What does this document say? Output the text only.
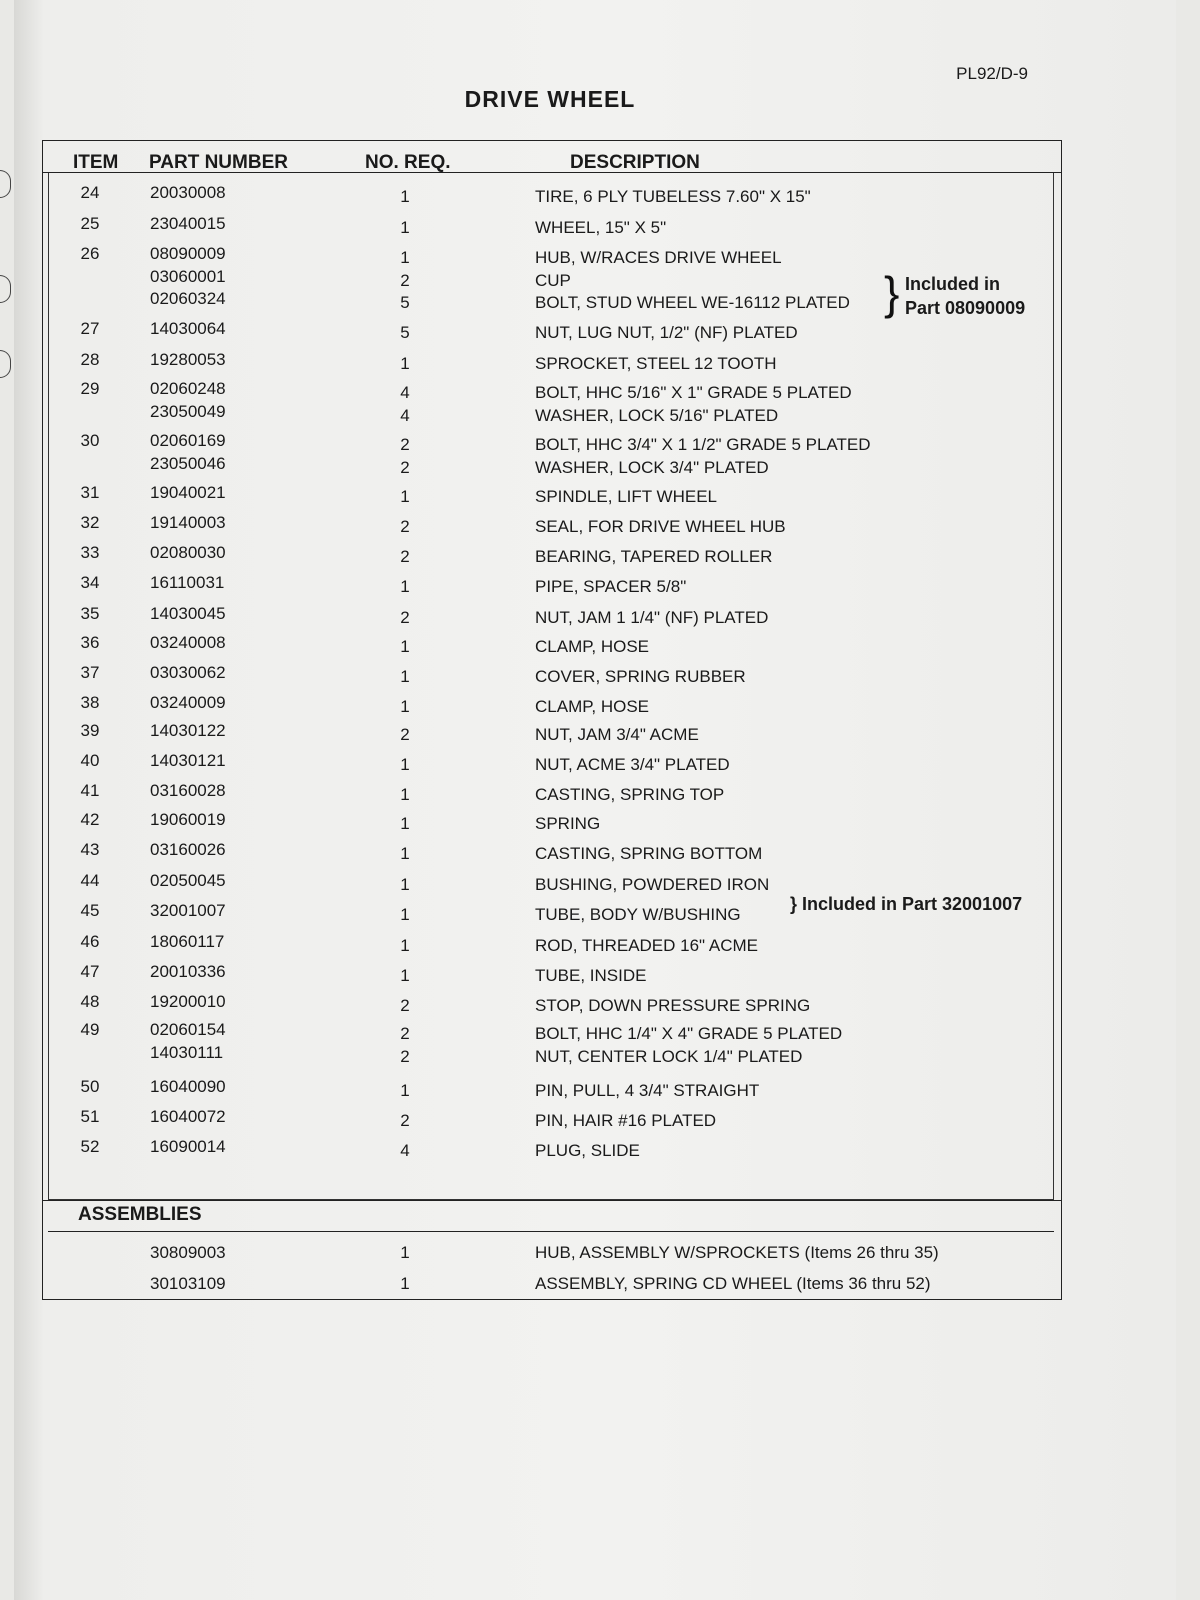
PL92/D-9
DRIVE WHEEL
ITEM PART NUMBER	NO. REQ.	DESCRIPTION
24	20030008	1	TIRE, 6 PLY TUBELESS 7.60" X 15"
25	23040015	1	WHEEL, 15" X 5"
26	08090009	1	HUB, W/RACES DRIVE WHEEL
03060001	2	CUP
02060324	5	BOLT, STUD WHEEL WE-16112 PLATED
27	14030064	5	NUT, LUG NUT, 1/2" (NF) PLATED
28	19280053	1	SPROCKET, STEEL 12 TOOTH
29	02060248	4	BOLT, HHC 5/16" X 1" GRADE 5 PLATED
23050049	4	WASHER, LOCK 5/16" PLATED
30	02060169	2	BOLT, HHC 3/4" X 1 1/2" GRADE 5 PLATED
23050046	2	WASHER, LOCK 3/4" PLATED
31	19040021	1	SPINDLE, LIFT WHEEL
32	19140003	2	SEAL, FOR DRIVE WHEEL HUB
33	02080030	2	BEARING, TAPERED ROLLER
34	16110031	1	PIPE, SPACER 5/8"
35	14030045	2	NUT, JAM 1 1/4" (NF) PLATED
36	03240008	1	CLAMP, HOSE
37	03030062	1	COVER, SPRING RUBBER
38	03240009	1	CLAMP, HOSE
39	14030122	2	NUT, JAM 3/4" ACME
40	14030121	1	NUT, ACME 3/4" PLATED
41	03160028	1	CASTING, SPRING TOP
42	19060019	1	SPRING
43	03160026	1	CASTING, SPRING BOTTOM
44	02050045	1	BUSHING, POWDERED IRON
45	32001007	1	TUBE, BODY W/BUSHING
46	18060117	1	ROD, THREADED 16" ACME
47	20010336	1	TUBE, INSIDE
48	19200010	2	STOP, DOWN PRESSURE SPRING
49	02060154	2	BOLT, HHC 1/4" X 4" GRADE 5 PLATED
14030111	2	NUT, CENTER LOCK 1/4" PLATED
50	16040090	1	PIN, PULL, 4 3/4" STRAIGHT
51	16040072	2	PIN, HAIR #16 PLATED
52	16090014	4	PLUG, SLIDE
} Included in
Part 08090009
} Included in Part 32001007
ASSEMBLIES
30809003	1	HUB, ASSEMBLY W/SPROCKETS (Items 26 thru 35)
30103109	1	ASSEMBLY, SPRING CD WHEEL (Items 36 thru 52)
